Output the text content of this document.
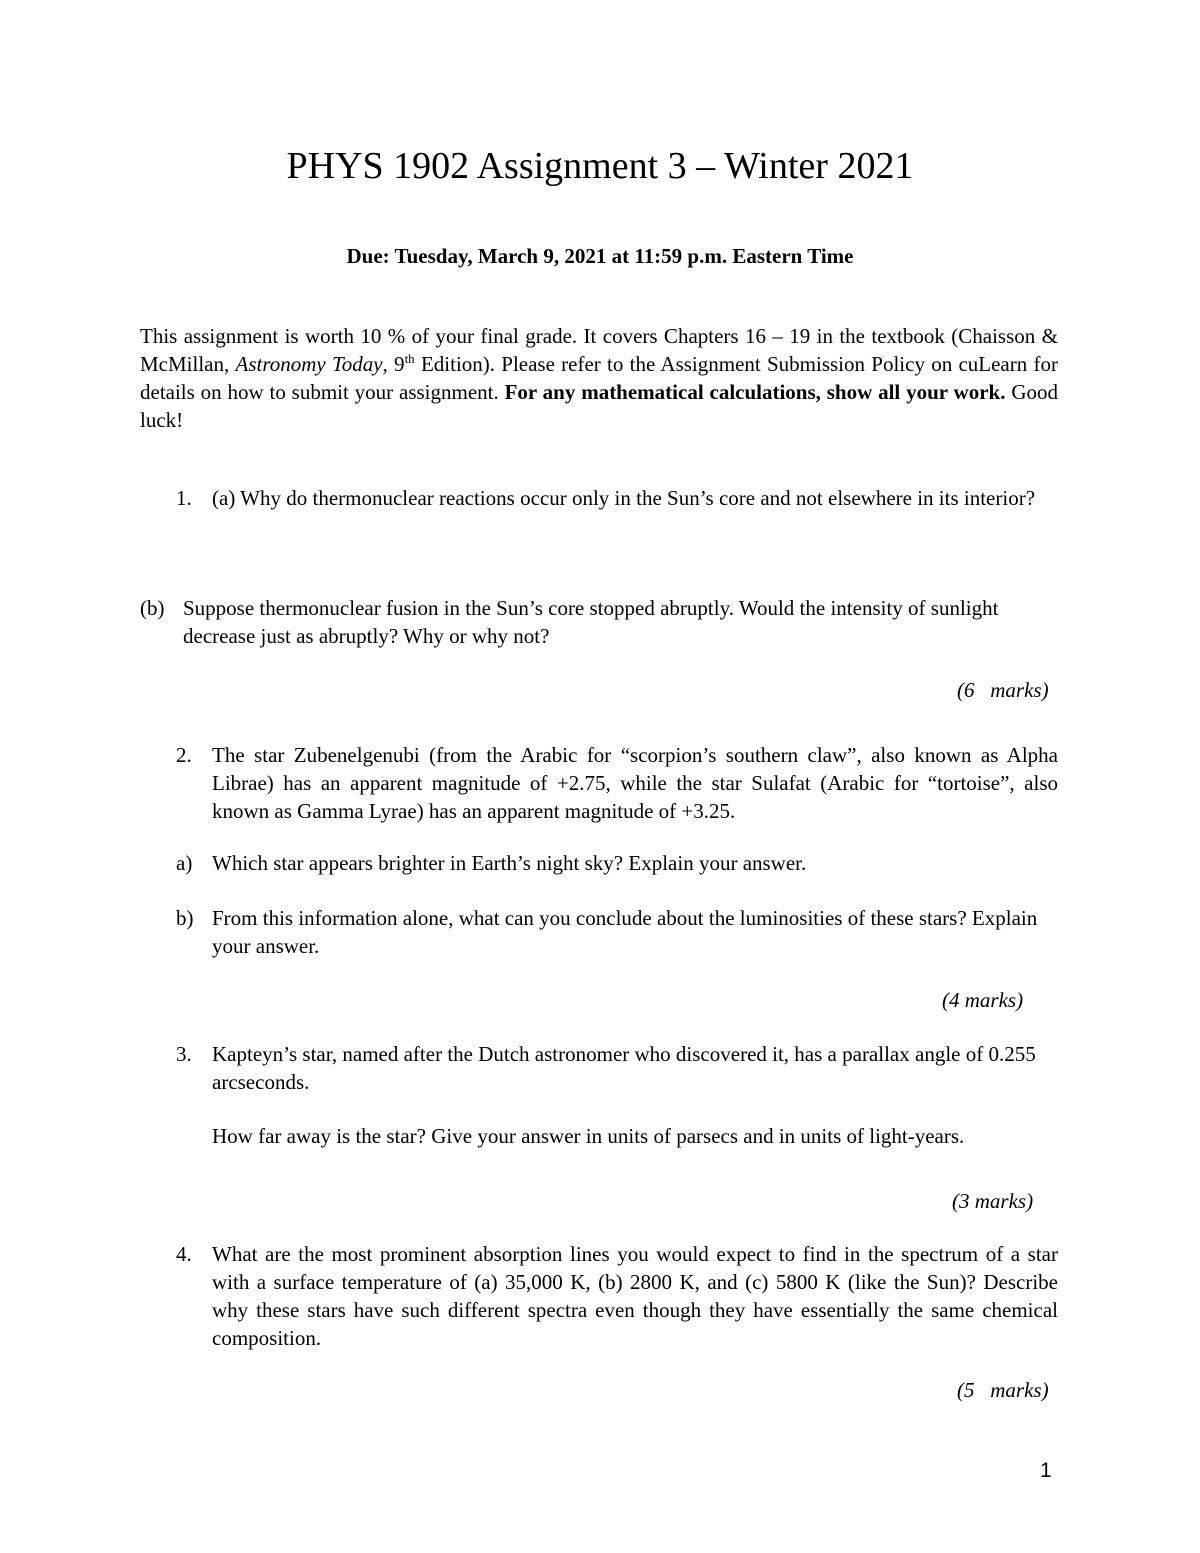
PHYS 1902 Assignment 3 – Winter 2021
Due: Tuesday, March 9, 2021 at 11:59 p.m. Eastern Time
This assignment is worth 10 % of your final grade. It covers Chapters 16 – 19 in the textbook (Chaisson & McMillan, Astronomy Today, 9th Edition). Please refer to the Assignment Submission Policy on cuLearn for details on how to submit your assignment. For any mathematical calculations, show all your work. Good luck!
1. (a) Why do thermonuclear reactions occur only in the Sun’s core and not elsewhere in its interior?
(b) Suppose thermonuclear fusion in the Sun’s core stopped abruptly. Would the intensity of sunlight decrease just as abruptly? Why or why not?
(6   marks)
2. The star Zubenelgenubi (from the Arabic for “scorpion’s southern claw”, also known as Alpha Librae) has an apparent magnitude of +2.75, while the star Sulafat (Arabic for “tortoise”, also known as Gamma Lyrae) has an apparent magnitude of +3.25.
a) Which star appears brighter in Earth’s night sky? Explain your answer.
b) From this information alone, what can you conclude about the luminosities of these stars? Explain your answer.
(4 marks)
3. Kapteyn’s star, named after the Dutch astronomer who discovered it, has a parallax angle of 0.255 arcseconds.
How far away is the star? Give your answer in units of parsecs and in units of light-years.
(3 marks)
4. What are the most prominent absorption lines you would expect to find in the spectrum of a star with a surface temperature of (a) 35,000 K, (b) 2800 K, and (c) 5800 K (like the Sun)? Describe why these stars have such different spectra even though they have essentially the same chemical composition.
(5   marks)
1
